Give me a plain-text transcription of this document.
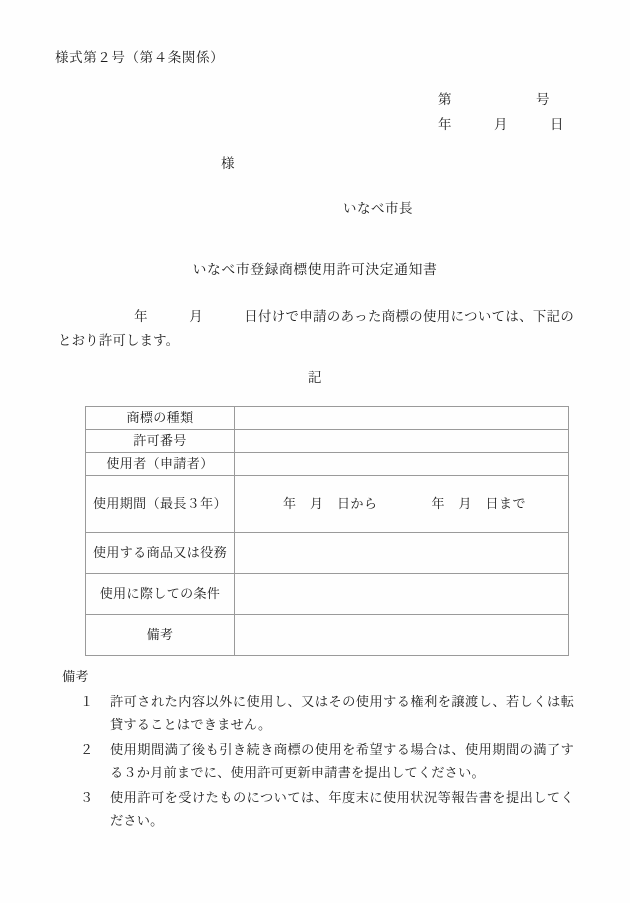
様式第２号（第４条関係）
第　　　　　　号
年　　　月　　　日
様
いなべ市長
いなべ市登録商標使用許可決定通知書
年　　　月　　　日付けで申請のあった商標の使用については、下記のとおり許可します。
記
商標の種類	
許可番号	
使用者（申請者）	
使用期間（最長３年）	年　月　日から　　　　年　月　日まで

使用する商品又は役務	
使用に際しての条件	
備考	

備考

１	許可された内容以外に使用し、又はその使用する権利を譲渡し、若しくは転貸することはできません。
２	使用期間満了後も引き続き商標の使用を希望する場合は、使用期間の満了する３か月前までに、使用許可更新申請書を提出してください。
３	使用許可を受けたものについては、年度末に使用状況等報告書を提出してください。
